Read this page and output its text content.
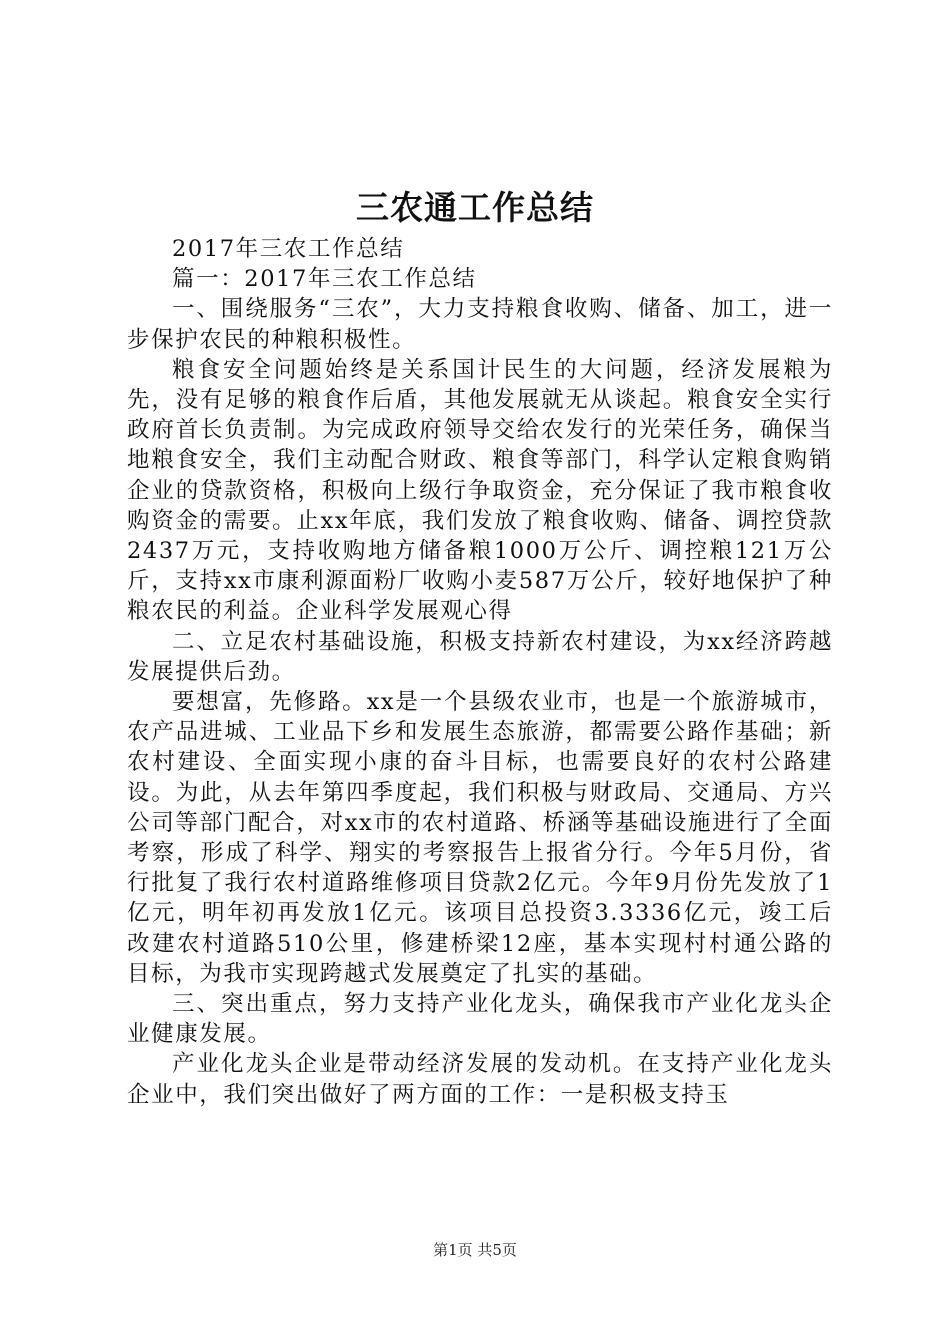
三农通工作总结

2017年三农工作总结

篇一：2017年三农工作总结

一、围绕服务“三农”，大力支持粮食收购、储备、加工，进一步保护农民的种粮积极性。

粮食安全问题始终是关系国计民生的大问题，经济发展粮为先，没有足够的粮食作后盾，其他发展就无从谈起。粮食安全实行政府首长负责制。为完成政府领导交给农发行的光荣任务，确保当地粮食安全，我们主动配合财政、粮食等部门，科学认定粮食购销企业的贷款资格，积极向上级行争取资金，充分保证了我市粮食收购资金的需要。止xx年底，我们发放了粮食收购、储备、调控贷款2437万元，支持收购地方储备粮1000万公斤、调控粮121万公斤，支持xx市康利源面粉厂收购小麦587万公斤，较好地保护了种粮农民的利益。企业科学发展观心得

二、立足农村基础设施，积极支持新农村建设，为xx经济跨越发展提供后劲。

要想富，先修路。xx是一个县级农业市，也是一个旅游城市，农产品进城、工业品下乡和发展生态旅游，都需要公路作基础；新农村建设、全面实现小康的奋斗目标，也需要良好的农村公路建设。为此，从去年第四季度起，我们积极与财政局、交通局、方兴公司等部门配合，对xx市的农村道路、桥涵等基础设施进行了全面考察，形成了科学、翔实的考察报告上报省分行。今年5月份，省行批复了我行农村道路维修项目贷款2亿元。今年9月份先发放了1亿元，明年初再发放1亿元。该项目总投资3.3336亿元，竣工后改建农村道路510公里，修建桥梁12座，基本实现村村通公路的目标，为我市实现跨越式发展奠定了扎实的基础。

三、突出重点，努力支持产业化龙头，确保我市产业化龙头企业健康发展。

产业化龙头企业是带动经济发展的发动机。在支持产业化龙头企业中，我们突出做好了两方面的工作：一是积极支持玉

第1页 共5页
